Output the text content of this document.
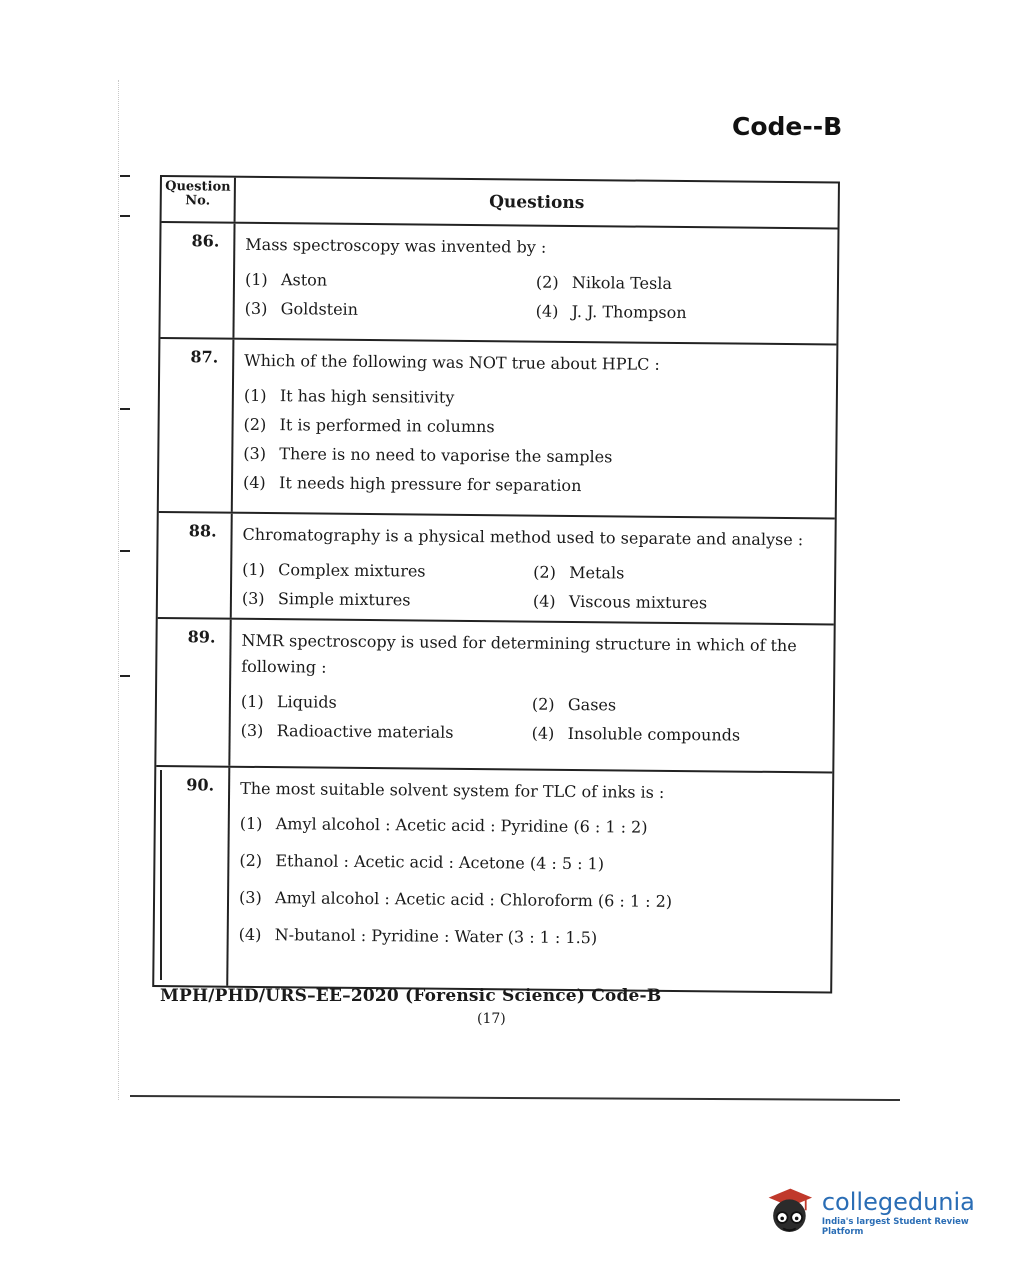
Code--B
Question No.	Questions
86.	Mass spectroscopy was invented by :
(1) Aston	(2) Nikola Tesla
(3) Goldstein	(4) J. J. Thompson
87.	Which of the following was NOT true about HPLC :
(1) It has high sensitivity
(2) It is performed in columns
(3) There is no need to vaporise the samples
(4) It needs high pressure for separation
88.	Chromatography is a physical method used to separate and analyse :
(1) Complex mixtures	(2) Metals
(3) Simple mixtures	(4) Viscous mixtures
89.	NMR spectroscopy is used for determining structure in which of the following :
(1) Liquids	(2) Gases
(3) Radioactive materials	(4) Insoluble compounds
90.	The most suitable solvent system for TLC of inks is :
(1) Amyl alcohol : Acetic acid : Pyridine (6 : 1 : 2)
(2) Ethanol : Acetic acid : Acetone (4 : 5 : 1)
(3) Amyl alcohol : Acetic acid : Chloroform (6 : 1 : 2)
(4) N-butanol : Pyridine : Water (3 : 1 : 1.5)
MPH/PHD/URS–EE–2020 (Forensic Science) Code-B
(17)
collegedunia
India's largest Student Review Platform
